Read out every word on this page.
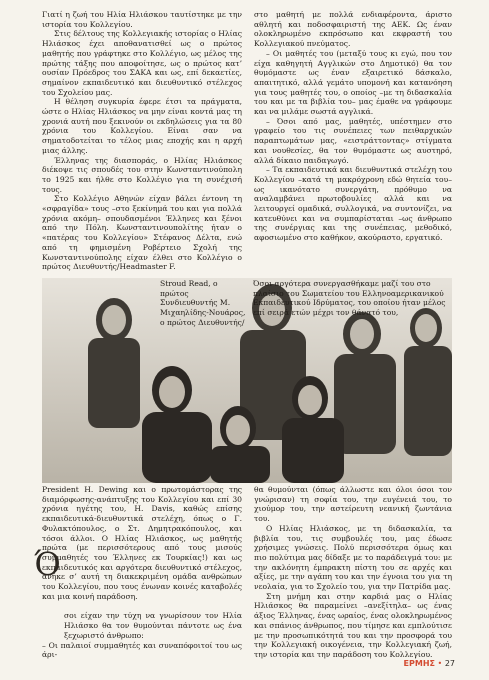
Γιατί η ζωή του Ηλία Ηλιάσκου ταυτίστηκε με την ιστορία του Κολλεγίου.

Στις δέλτους της Κολλεγιακής ιστορίας ο Ηλίας Ηλιάσκος έχει αποθανατισθεί ως ο πρώτος μαθητής που γράφτηκε στο Κολλέγιο, ως μέλος της πρώτης τάξης που αποφοίτησε, ως ο πρώτος κατ’ ουσίαν Πρόεδρος του ΣΑΚΑ και ως, επί δεκαετίες, σημαίνον εκπαιδευτικό και διευθυντικό στέλεχος του Σχολείου μας.

Η θέληση συγκυρία έφερε έτσι τα πράγματα, ώστε ο Ηλίας Ηλιάσκος να μην είναι κοντά μας τη χρονιά αυτή που ξεκινούν οι εκδηλώσεις για τα 80 χρόνια του Κολλεγίου. Είναι σαν να σηματοδοτείται το τέλος μιας εποχής και η αρχή μιας άλλης.

Έλληνας της διασποράς, ο Ηλίας Ηλιάσκος διέκοψε τις σπουδές του στην Κωνσταντινούπολη το 1925 και ήλθε στο Κολλέγιο για τη συνέχισή τους.

Στο Κολλέγιο Αθηνών είχαν βάλει έντονη τη «σφραγίδα» τους –στο ξεκίνημά του και για πολλά χρόνια ακόμη– σπουδασμένοι Έλληνες και ξένοι από την Πόλη. Κωνσταντινουπολίτης ήταν ο «πατέρας του Κολλεγίου» Στέφανος Δέλτα, ενώ από τη φημισμένη Ροβέρτειο Σχολή της Κωνσταντινούπολης είχαν έλθει στο Κολλέγιο ο πρώτος Διευθυντής/Headmaster F.

στο μαθητή με πολλά ενδιαφέροντα, άριστο αθλητή και ποδοσφαιριστή της ΑΕΚ. Ως έναν ολοκληρωμένο εκπρόσωπο και εκφραστή του Κολλεγιακού πνεύματος.

– Οι μαθητές του (μεταξύ τους κι εγώ, που τον είχα καθηγητή Αγγλικών στο Δημοτικό) θα τον θυμόμαστε ως έναν εξαιρετικό δάσκαλο, απαιτητικό, αλλά γεμάτο υπομονή και κατανόηση για τους μαθητές του, ο οποίος –με τη διδασκαλία του και με τα βιβλία του– μας έμαθε να γράφουμε και να μιλάμε σωστά αγγλικά.

– Όσοι από μας, μαθητές, υπέστημεν στο γραφείο του τις συνέπειες των πειθαρχικών παραπτωμάτων μας, «ειστράττοντας» στίγματα και νουθεσίες, θα τον θυμόμαστε ως αυστηρό, αλλά δίκαιο παιδαγωγό.

– Τα εκπαιδευτικά και διευθυντικά στελέχη του Κολλεγίου –κατά τη μακρόχρονη εδώ θητεία του– ως ικανότατο συνεργάτη, πρόθυμο να αναλαμβάνει πρωτοβουλίες αλλά και να λειτουργεί ομαδικά, συλλογικά, να συντονίζει, να κατευθύνει και να συμπαρίσταται –ως άνθρωπο της συνέργιας και της συνέπειας, μεθοδικό, αφοσιωμένο στο καθήκον, ακούραστο, εργατικό.

Stroud Read, ο πρώτος Συνδιευθυντής Μ. Μιχαηλίδης-Νουάρος, ο πρώτος Διευθυντής/
Όσοι αργότερα συνεργασθήκαμε μαζί του στο πλαίσιο του Σωματείου του Ελληνοαμερικανικού Εκπαιδευτικού Ιδρύματος, του οποίου ήταν μέλος επί σειρά ετών μέχρι τον θάνατό του,

President H. Dewing και ο πρωτομάστορας της διαμόρφωσης-ανάπτυξης του Κολλεγίου και επί 30 χρόνια ηγέτης του, H. Davis, καθώς επίσης εκπαιδευτικά-διευθυντικά στελέχη, όπως ο Γ. Φυλακτόπουλος, ο Στ. Δημητρακόπουλος, και τόσοι άλλοι. Ο Ηλίας Ηλιάσκος, ως μαθητής πρώτα (με περισσότερους από τους μισούς συμμαθητές του Έλληνες εκ Τουρκίας!) και ως εκπαιδευτικός και αργότερα διευθυντικό στέλεχος, ανήκε σ’ αυτή τη διακεκριμένη ομάδα ανθρώπων του Κολλεγίου, που τους ένωναν κοινές καταβολές και μια κοινή παράδοση.

σοι είχαν την τύχη να γνωρίσουν τον Ηλία Ηλιάσκο θα τον θυμούνται πάντοτε ως ένα ξεχωριστό άνθρωπο:

– Οι παλαιοί συμμαθητές και συναπόφοιτοί του ως άρι-

Ό

θα θυμούνται (όπως άλλωστε και όλοι όσοι τον γνώρισαν) τη σοφία του, την ευγένειά του, το χιούμορ του, την αστείρευτη νεανική ζωντάνια του.

Ο Ηλίας Ηλιάσκος, με τη διδασκαλία, τα βιβλία του, τις συμβουλές του, μας έδωσε χρήσιμες γνώσεις. Πολύ περισσότερα όμως και πιο πολύτιμα μας δίδαξε με το παράδειγμά του: με την ακλόνητη έμπρακτη πίστη του σε αρχές και αξίες, με την αγάπη του και την έγνοια του για τη νεολαία, για το Σχολείο του, για την Πατρίδα μας.

Στη μνήμη και στην καρδιά μας ο Ηλίας Ηλιάσκος θα παραμείνει –ανεξίτηλα– ως ένας άξιος Έλληνας, ένας ωραίος, ένας ολοκληρωμένος και σπάνιος άνθρωπος, που τίμησε και εμπλούτισε με την προσωπικότητά του και την προσφορά του την Κολλεγιακή οικογένεια, την Κολλεγιακή ζωή, την ιστορία και την παράδοση του Κολλεγίου.

ΕΡΜΗΣ • 27
